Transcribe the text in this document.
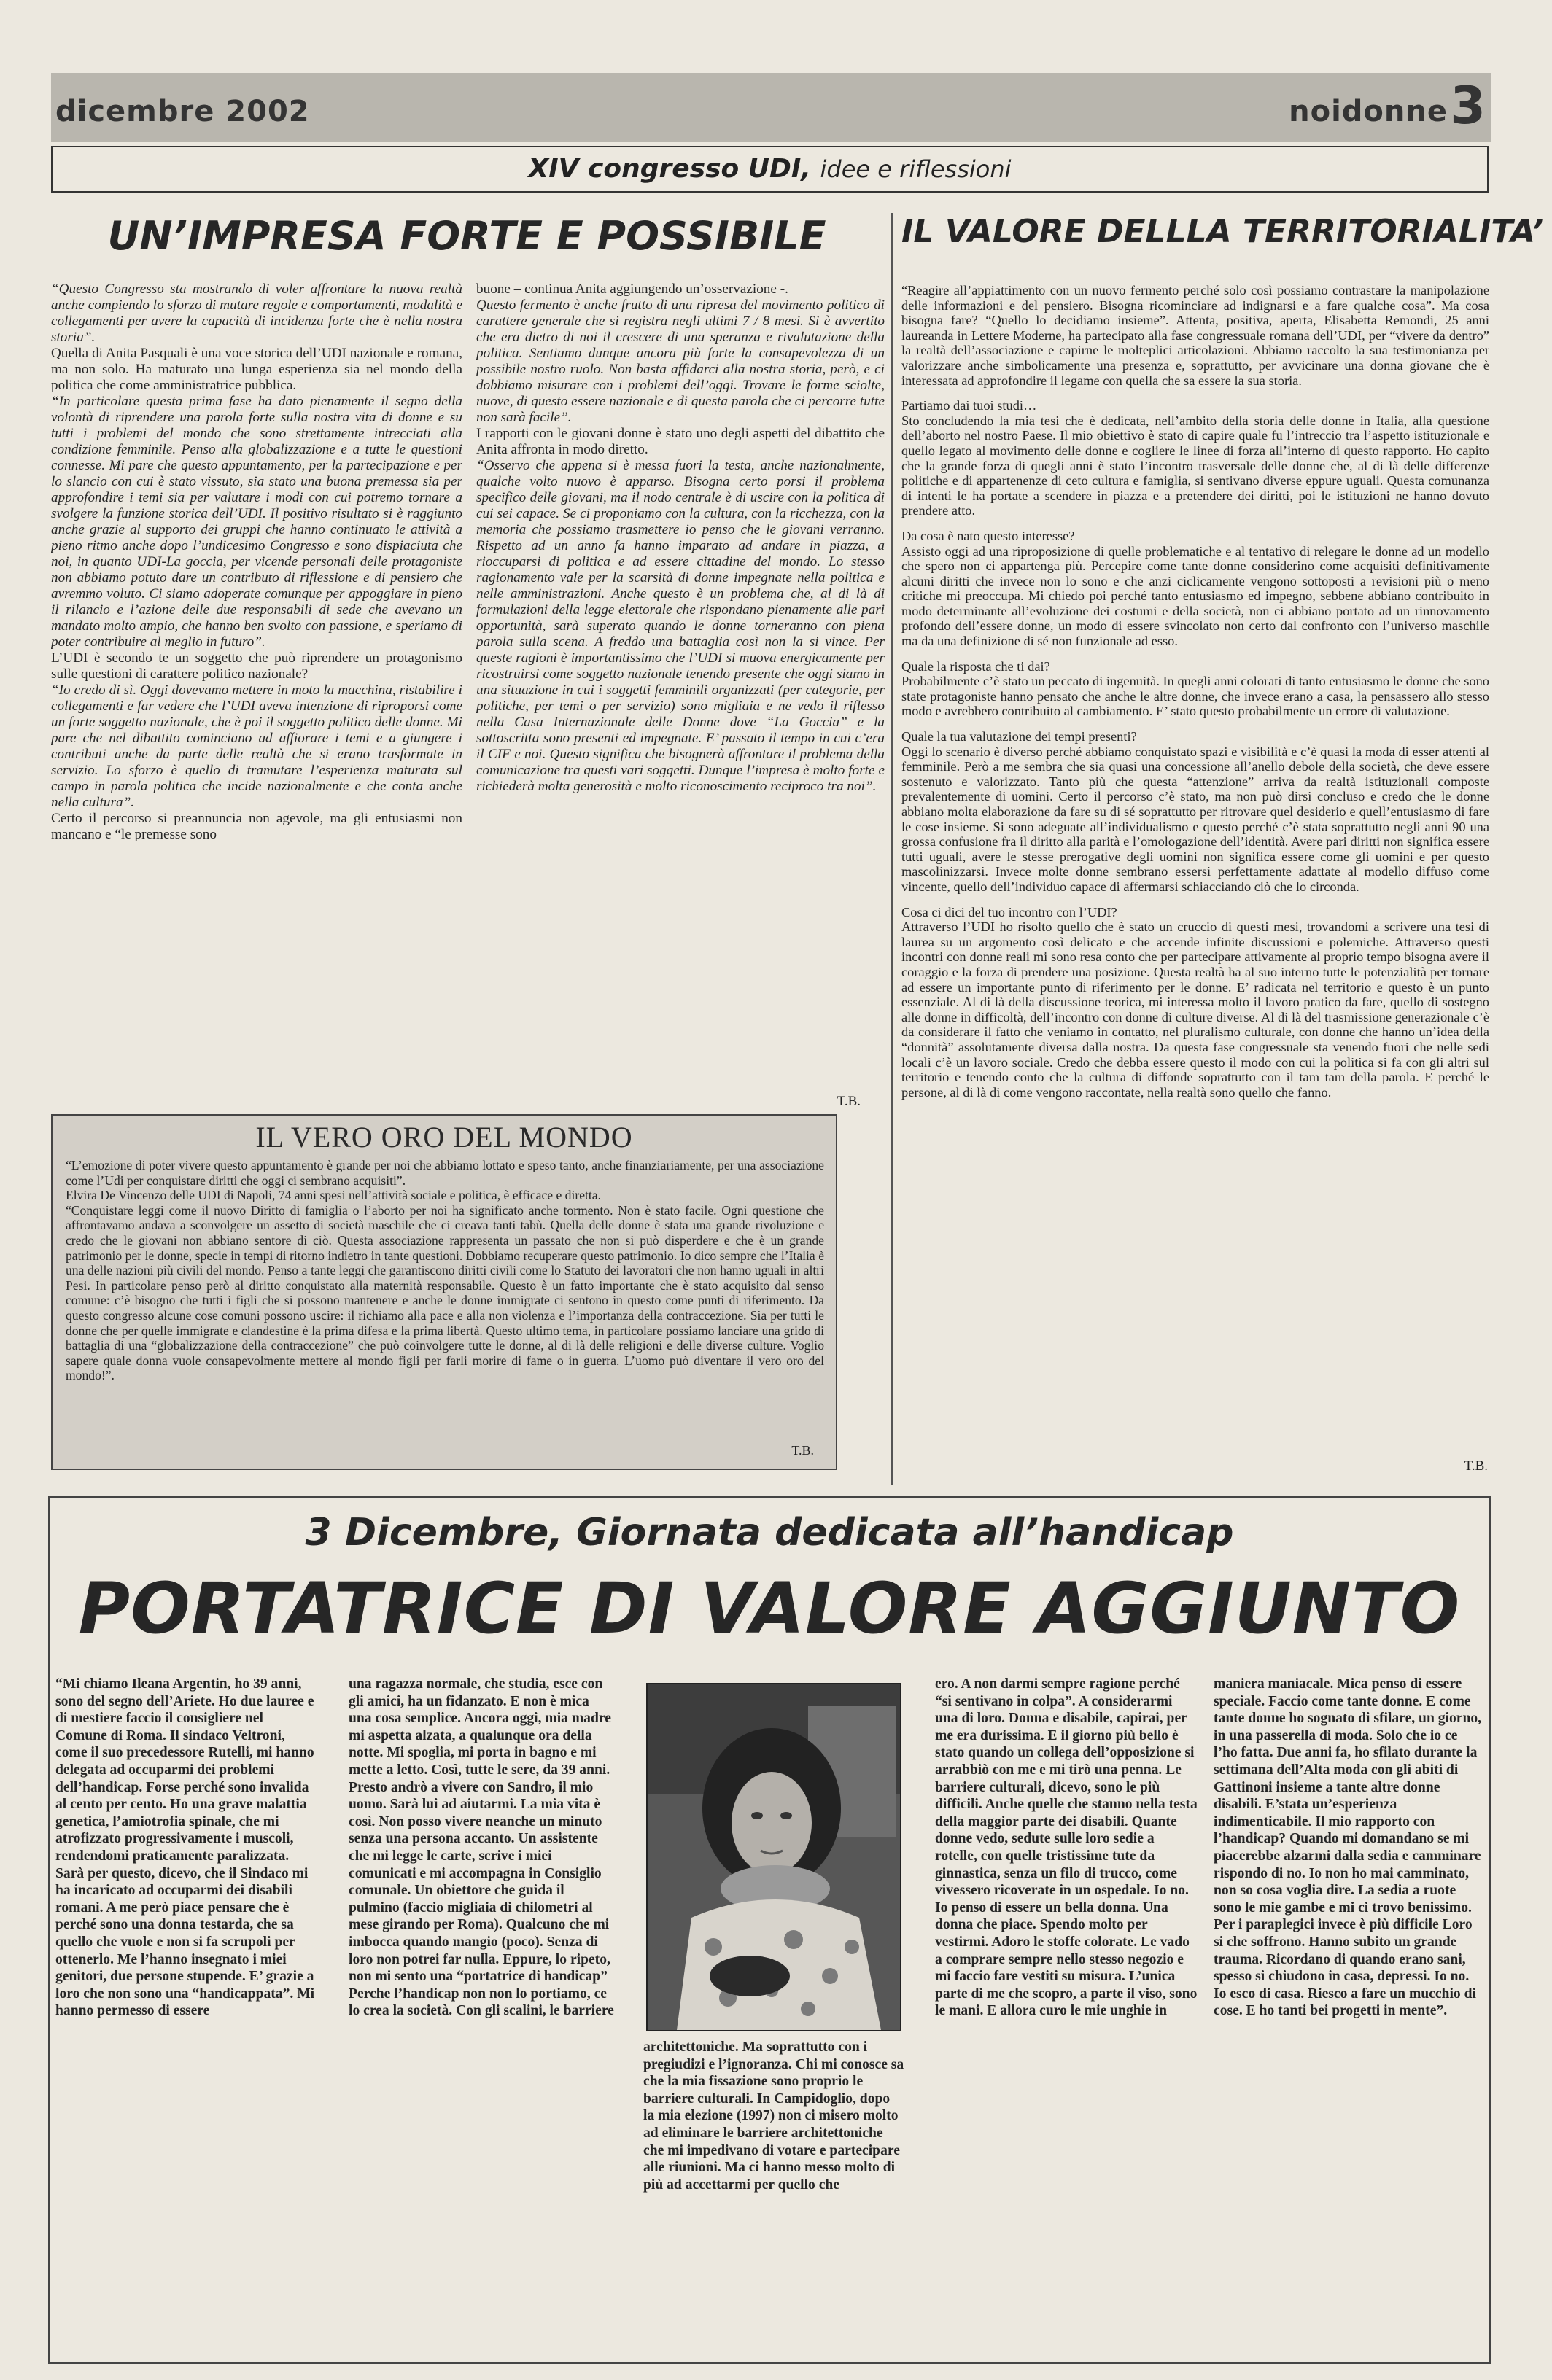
dicembre 2002	noidonne 3
XIV congresso UDI, idee e riflessioni
UN’IMPRESA FORTE E POSSIBILE

“Questo Congresso sta mostrando di voler affrontare la nuova realtà anche compiendo lo sforzo di mutare regole e comportamenti, modalità e collegamenti per avere la capacità di incidenza forte che è nella nostra storia”.

Quella di Anita Pasquali è una voce storica dell’UDI nazionale e romana, ma non solo. Ha maturato una lunga esperienza sia nel mondo della politica che come amministratrice pubblica.

“In particolare questa prima fase ha dato pienamente il segno della volontà di riprendere una parola forte sulla nostra vita di donne e su tutti i problemi del mondo che sono strettamente intrecciati alla condizione femminile. Penso alla globalizzazione e a tutte le questioni connesse. Mi pare che questo appuntamento, per la partecipazione e per lo slancio con cui è stato vissuto, sia stato una buona premessa sia per approfondire i temi sia per valutare i modi con cui potremo tornare a svolgere la funzione storica dell’UDI. Il positivo risultato si è raggiunto anche grazie al supporto dei gruppi che hanno continuato le attività a pieno ritmo anche dopo l’undicesimo Congresso e sono dispiaciuta che noi, in quanto UDI-La goccia, per vicende personali delle protagoniste non abbiamo potuto dare un contributo di riflessione e di pensiero che avremmo voluto. Ci siamo adoperate comunque per appoggiare in pieno il rilancio e l’azione delle due responsabili di sede che avevano un mandato molto ampio, che hanno ben svolto con passione, e speriamo di poter contribuire al meglio in futuro”.

L’UDI è secondo te un soggetto che può riprendere un protagonismo sulle questioni di carattere politico nazionale?

“Io credo di sì. Oggi dovevamo mettere in moto la macchina, ristabilire i collegamenti e far vedere che l’UDI aveva intenzione di riproporsi come un forte soggetto nazionale, che è poi il soggetto politico delle donne. Mi pare che nel dibattito cominciano ad affiorare i temi e a giungere i contributi anche da parte delle realtà che si erano trasformate in servizio. Lo sforzo è quello di tramutare l’esperienza maturata sul campo in parola politica che incide nazionalmente e che conta anche nella cultura”.

Certo il percorso si preannuncia non agevole, ma gli entusiasmi non mancano e “le premesse sono

buone – continua Anita aggiungendo un’osservazione -.

Questo fermento è anche frutto di una ripresa del movimento politico di carattere generale che si registra negli ultimi 7 / 8 mesi. Si è avvertito che era dietro di noi il crescere di una speranza e rivalutazione della politica. Sentiamo dunque ancora più forte la consapevolezza di un possibile nostro ruolo. Non basta affidarci alla nostra storia, però, e ci dobbiamo misurare con i problemi dell’oggi. Trovare le forme sciolte, nuove, di questo essere nazionale e di questa parola che ci percorre tutte non sarà facile”.

I rapporti con le giovani donne è stato uno degli aspetti del dibattito che Anita affronta in modo diretto.

“Osservo che appena si è messa fuori la testa, anche nazionalmente, qualche volto nuovo è apparso. Bisogna certo porsi il problema specifico delle giovani, ma il nodo centrale è di uscire con la politica di cui sei capace. Se ci proponiamo con la cultura, con la ricchezza, con la memoria che possiamo trasmettere io penso che le giovani verranno. Rispetto ad un anno fa hanno imparato ad andare in piazza, a rioccuparsi di politica e ad essere cittadine del mondo. Lo stesso ragionamento vale per la scarsità di donne impegnate nella politica e nelle amministrazioni. Anche questo è un problema che, al di là di formulazioni della legge elettorale che rispondano pienamente alle pari opportunità, sarà superato quando le donne torneranno con piena parola sulla scena. A freddo una battaglia così non la si vince. Per queste ragioni è importantissimo che l’UDI si muova energicamente per ricostruirsi come soggetto nazionale tenendo presente che oggi siamo in una situazione in cui i soggetti femminili organizzati (per categorie, per politiche, per temi o per servizio) sono migliaia e ne vedo il riflesso nella Casa Internazionale delle Donne dove “La Goccia” e la sottoscritta sono presenti ed impegnate. E’ passato il tempo in cui c’era il CIF e noi. Questo significa che bisognerà affrontare il problema della comunicazione tra questi vari soggetti. Dunque l’impresa è molto forte e richiederà molta generosità e molto riconoscimento reciproco tra noi”.

T.B.
IL VERO ORO DEL MONDO

“L’emozione di poter vivere questo appuntamento è grande per noi che abbiamo lottato e speso tanto, anche finanziariamente, per una associazione come l’Udi per conquistare diritti che oggi ci sembrano acquisiti”.

Elvira De Vincenzo delle UDI di Napoli, 74 anni spesi nell’attività sociale e politica, è efficace e diretta.

“Conquistare leggi come il nuovo Diritto di famiglia o l’aborto per noi ha significato anche tormento. Non è stato facile. Ogni questione che affrontavamo andava a sconvolgere un assetto di società maschile che ci creava tanti tabù. Quella delle donne è stata una grande rivoluzione e credo che le giovani non abbiano sentore di ciò. Questa associazione rappresenta un passato che non si può disperdere e che è un grande patrimonio per le donne, specie in tempi di ritorno indietro in tante questioni. Dobbiamo recuperare questo patrimonio. Io dico sempre che l’Italia è una delle nazioni più civili del mondo. Penso a tante leggi che garantiscono diritti civili come lo Statuto dei lavoratori che non hanno uguali in altri Pesi. In particolare penso però al diritto conquistato alla maternità responsabile. Questo è un fatto importante che è stato acquisito dal senso comune: c’è bisogno che tutti i figli che si possono mantenere e anche le donne immigrate ci sentono in questo come punti di riferimento. Da questo congresso alcune cose comuni possono uscire: il richiamo alla pace e alla non violenza e l’importanza della contraccezione. Sia per tutti le donne che per quelle immigrate e clandestine è la prima difesa e la prima libertà. Questo ultimo tema, in particolare possiamo lanciare una grido di battaglia di una “globalizzazione della contraccezione” che può coinvolgere tutte le donne, al di là delle religioni e delle diverse culture. Voglio sapere quale donna vuole consapevolmente mettere al mondo figli per farli morire di fame o in guerra. L’uomo può diventare il vero oro del mondo!”.

T.B.
IL VALORE DELLLA TERRITORIALITA’

“Reagire all’appiattimento con un nuovo fermento perché solo così possiamo contrastare la manipolazione delle informazioni e del pensiero. Bisogna ricominciare ad indignarsi e a fare qualche cosa”. Ma cosa bisogna fare? “Quello lo decidiamo insieme”. Attenta, positiva, aperta, Elisabetta Remondi, 25 anni laureanda in Lettere Moderne, ha partecipato alla fase congressuale romana dell’UDI, per “vivere da dentro” la realtà dell’associazione e capirne le molteplici articolazioni. Abbiamo raccolto la sua testimonianza per valorizzare anche simbolicamente una presenza e, soprattutto, per avvicinare una donna giovane che è interessata ad approfondire il legame con quella che sa essere la sua storia.

Partiamo dai tuoi studi…

Sto concludendo la mia tesi che è dedicata, nell’ambito della storia delle donne in Italia, alla questione dell’aborto nel nostro Paese. Il mio obiettivo è stato di capire quale fu l’intreccio tra l’aspetto istituzionale e quello legato al movimento delle donne e cogliere le linee di forza all’interno di questo rapporto. Ho capito che la grande forza di quegli anni è stato l’incontro trasversale delle donne che, al di là delle differenze politiche e di appartenenze di ceto cultura e famiglia, si sentivano diverse eppure uguali. Questa comunanza di intenti le ha portate a scendere in piazza e a pretendere dei diritti, poi le istituzioni ne hanno dovuto prendere atto.

Da cosa è nato questo interesse?

Assisto oggi ad una riproposizione di quelle problematiche e al tentativo di relegare le donne ad un modello che spero non ci appartenga più. Percepire come tante donne considerino come acquisiti definitivamente alcuni diritti che invece non lo sono e che anzi ciclicamente vengono sottoposti a revisioni più o meno critiche mi preoccupa. Mi chiedo poi perché tanto entusiasmo ed impegno, sebbene abbiano contribuito in modo determinante all’evoluzione dei costumi e della società, non ci abbiano portato ad un rinnovamento profondo dell’essere donne, un modo di essere svincolato non certo dal confronto con l’universo maschile ma da una definizione di sé non funzionale ad esso.

Quale la risposta che ti dai?

Probabilmente c’è stato un peccato di ingenuità. In quegli anni colorati di tanto entusiasmo le donne che sono state protagoniste hanno pensato che anche le altre donne, che invece erano a casa, la pensassero allo stesso modo e avrebbero contribuito al cambiamento. E’ stato questo probabilmente un errore di valutazione.

Quale la tua valutazione dei tempi presenti?

Oggi lo scenario è diverso perché abbiamo conquistato spazi e visibilità e c’è quasi la moda di esser attenti al femminile. Però a me sembra che sia quasi una concessione all’anello debole della società, che deve essere sostenuto e valorizzato. Tanto più che questa “attenzione” arriva da realtà istituzionali composte prevalentemente di uomini. Certo il percorso c’è stato, ma non può dirsi concluso e credo che le donne abbiano molta elaborazione da fare su di sé soprattutto per ritrovare quel desiderio e quell’entusiasmo di fare le cose insieme. Si sono adeguate all’individualismo e questo perché c’è stata soprattutto negli anni 90 una grossa confusione fra il diritto alla parità e l’omologazione dell’identità. Avere pari diritti non significa essere tutti uguali, avere le stesse prerogative degli uomini non significa essere come gli uomini e per questo mascolinizzarsi. Invece molte donne sembrano essersi perfettamente adattate al modello diffuso come vincente, quello dell’individuo capace di affermarsi schiacciando ciò che lo circonda.

Cosa ci dici del tuo incontro con l’UDI?

Attraverso l’UDI ho risolto quello che è stato un cruccio di questi mesi, trovandomi a scrivere una tesi di laurea su un argomento così delicato e che accende infinite discussioni e polemiche. Attraverso questi incontri con donne reali mi sono resa conto che per partecipare attivamente al proprio tempo bisogna avere il coraggio e la forza di prendere una posizione. Questa realtà ha al suo interno tutte le potenzialità per tornare ad essere un importante punto di riferimento per le donne. E’ radicata nel territorio e questo è un punto essenziale. Al di là della discussione teorica, mi interessa molto il lavoro pratico da fare, quello di sostegno alle donne in difficoltà, dell’incontro con donne di culture diverse. Al di là del trasmissione generazionale c’è da considerare il fatto che veniamo in contatto, nel pluralismo culturale, con donne che hanno un’idea della “donnità” assolutamente diversa dalla nostra. Da questa fase congressuale sta venendo fuori che nelle sedi locali c’è un lavoro sociale. Credo che debba essere questo il modo con cui la politica si fa con gli altri sul territorio e tenendo conto che la cultura di diffonde soprattutto con il tam tam della parola. E perché le persone, al di là di come vengono raccontate, nella realtà sono quello che fanno.

T.B.
3 Dicembre, Giornata dedicata all’handicap
PORTATRICE DI VALORE AGGIUNTO
“Mi chiamo Ileana Argentin, ho 39 anni, sono del segno dell’Ariete. Ho due lauree e di mestiere faccio il consigliere nel Comune di Roma. Il sindaco Veltroni, come il suo precedessore Rutelli, mi hanno delegata ad occuparmi dei problemi dell’handicap. Forse perché sono invalida al cento per cento. Ho una grave malattia genetica, l’amiotrofia spinale, che mi atrofizzato progressivamente i muscoli, rendendomi praticamente paralizzata. Sarà per questo, dicevo, che il Sindaco mi ha incaricato ad occuparmi dei disabili romani. A me però piace pensare che è perché sono una donna testarda, che sa quello che vuole e non si fa scrupoli per ottenerlo. Me l’hanno insegnato i miei genitori, due persone stupende. E’ grazie a loro che non sono una “handicappata”. Mi hanno permesso di essere
una ragazza normale, che studia, esce con gli amici, ha un fidanzato. E non è mica una cosa semplice. Ancora oggi, mia madre mi aspetta alzata, a qualunque ora della notte. Mi spoglia, mi porta in bagno e mi mette a letto. Così, tutte le sere, da 39 anni. Presto andrò a vivere con Sandro, il mio uomo. Sarà lui ad aiutarmi. La mia vita è così. Non posso vivere neanche un minuto senza una persona accanto. Un assistente che mi legge le carte, scrive i miei comunicati e mi accompagna in Consiglio comunale. Un obiettore che guida il pulmino (faccio migliaia di chilometri al mese girando per Roma). Qualcuno che mi imbocca quando mangio (poco). Senza di loro non potrei far nulla. Eppure, lo ripeto, non mi sento una “portatrice di handicap” Perche l’handicap non non lo portiamo, ce lo crea la società. Con gli scalini, le barriere
architettoniche. Ma soprattutto con i pregiudizi e l’ignoranza. Chi mi conosce sa che la mia fissazione sono proprio le barriere culturali. In Campidoglio, dopo la mia elezione (1997) non ci misero molto ad eliminare le barriere architettoniche che mi impedivano di votare e partecipare alle riunioni. Ma ci hanno messo molto di più ad accettarmi per quello che
ero. A non darmi sempre ragione perché “si sentivano in colpa”. A considerarmi una di loro. Donna e disabile, capirai, per me era durissima. E il giorno più bello è stato quando un collega dell’opposizione si arrabbiò con me e mi tirò una penna. Le barriere culturali, dicevo, sono le più difficili. Anche quelle che stanno nella testa della maggior parte dei disabili. Quante donne vedo, sedute sulle loro sedie a rotelle, con quelle tristissime tute da ginnastica, senza un filo di trucco, come vivessero ricoverate in un ospedale. Io no. Io penso di essere un bella donna. Una donna che piace. Spendo molto per vestirmi. Adoro le stoffe colorate. Le vado a comprare sempre nello stesso negozio e mi faccio fare vestiti su misura. L’unica parte di me che scopro, a parte il viso, sono le mani. E allora curo le mie unghie in
maniera maniacale. Mica penso di essere speciale. Faccio come tante donne. E come tante donne ho sognato di sfilare, un giorno, in una passerella di moda. Solo che io ce l’ho fatta. Due anni fa, ho sfilato durante la settimana dell’Alta moda con gli abiti di Gattinoni insieme a tante altre donne disabili. E’stata un’esperienza indimenticabile. Il mio rapporto con l’handicap? Quando mi domandano se mi piacerebbe alzarmi dalla sedia e camminare rispondo di no. Io non ho mai camminato, non so cosa voglia dire. La sedia a ruote sono le mie gambe e mi ci trovo benissimo. Per i paraplegici invece è più difficile Loro si che soffrono. Hanno subito un grande trauma. Ricordano di quando erano sani, spesso si chiudono in casa, depressi. Io no. Io esco di casa. Riesco a fare un mucchio di cose. E ho tanti bei progetti in mente”.
